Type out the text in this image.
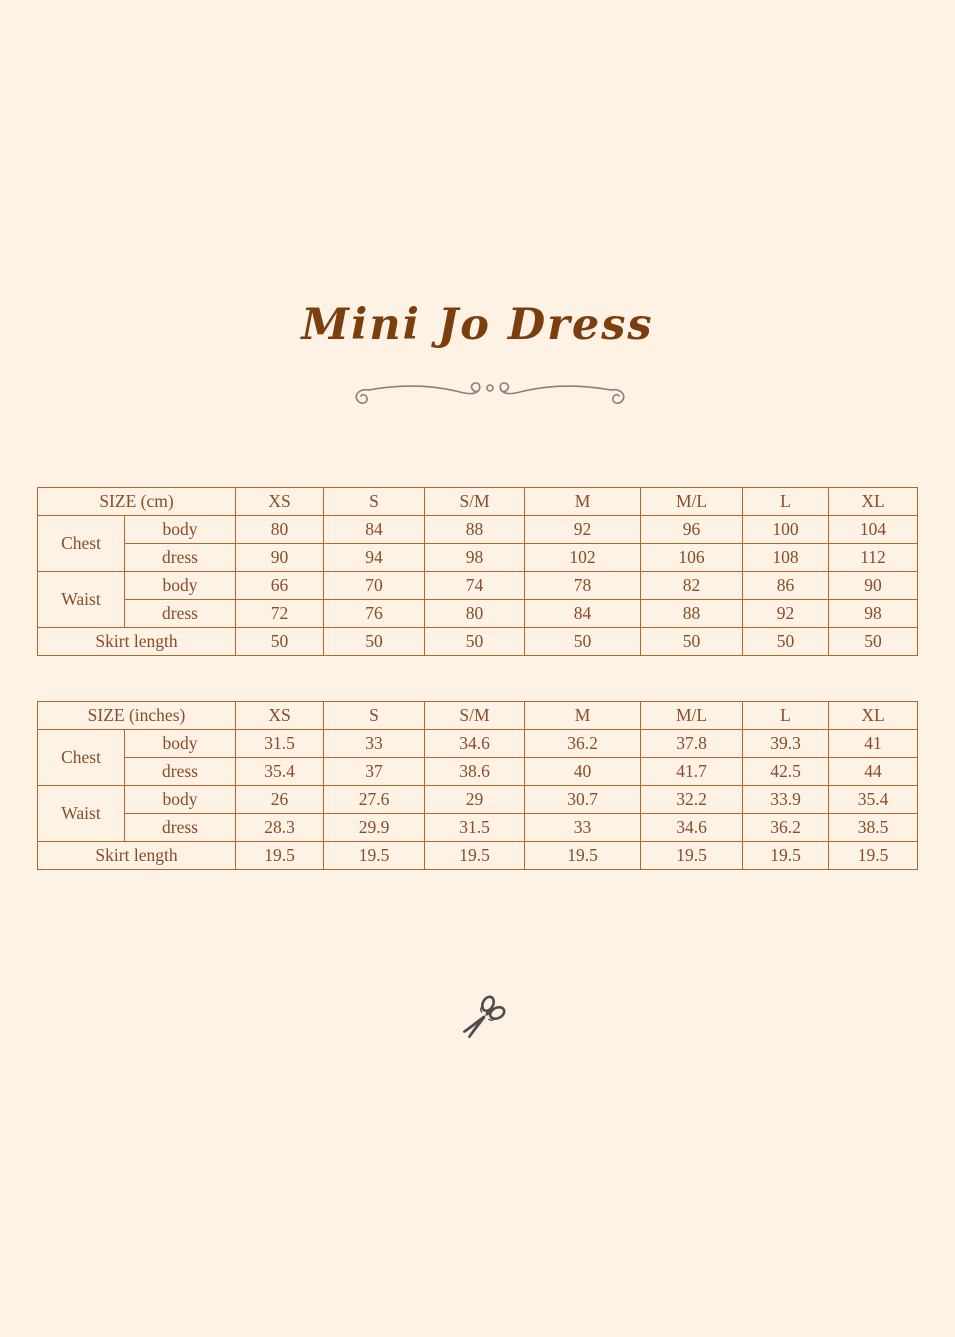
Mini Jo Dress
SIZE (cm)		XS	S	S/M	M	M/L	L	XL
Chest	body	80	84	88	92	96	100	104
	dress	90	94	98	102	106	108	112
Waist	body	66	70	74	78	82	86	90
	dress	72	76	80	84	88	92	98
Skirt length		50	50	50	50	50	50	50
SIZE (inches)		XS	S	S/M	M	M/L	L	XL
Chest	body	31.5	33	34.6	36.2	37.8	39.3	41
	dress	35.4	37	38.6	40	41.7	42.5	44
Waist	body	26	27.6	29	30.7	32.2	33.9	35.4
	dress	28.3	29.9	31.5	33	34.6	36.2	38.5
Skirt length		19.5	19.5	19.5	19.5	19.5	19.5	19.5
